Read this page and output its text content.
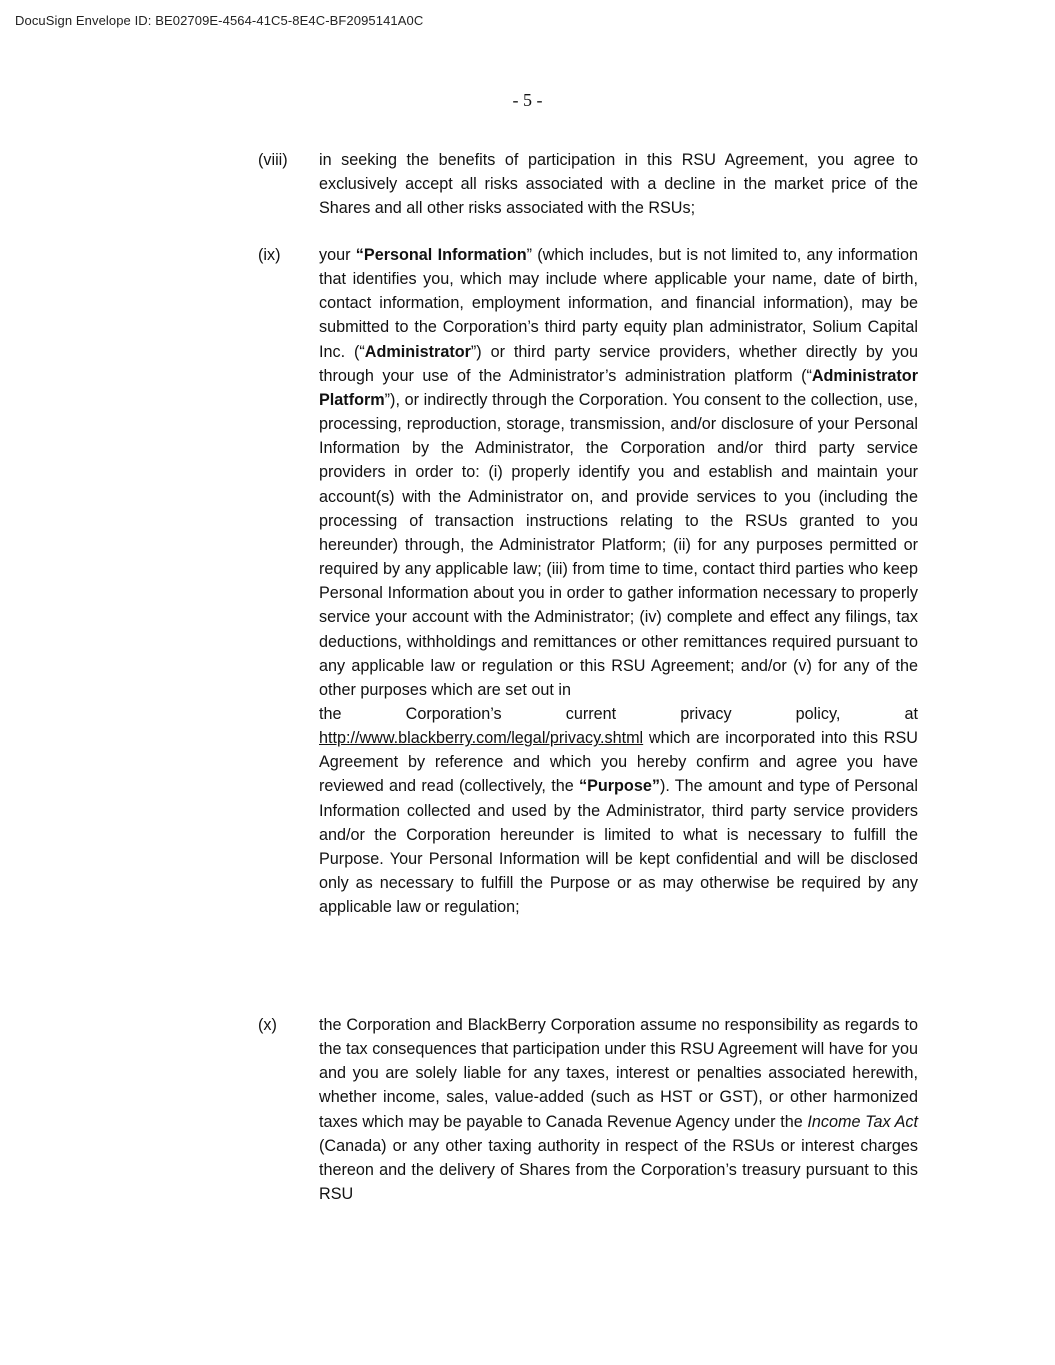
DocuSign Envelope ID: BE02709E-4564-41C5-8E4C-BF2095141A0C
- 5 -
(viii)	in seeking the benefits of participation in this RSU Agreement, you agree to exclusively accept all risks associated with a decline in the market price of the Shares and all other risks associated with the RSUs;
(ix)	your “Personal Information” (which includes, but is not limited to, any information that identifies you, which may include where applicable your name, date of birth, contact information, employment information, and financial information), may be submitted to the Corporation’s third party equity plan administrator, Solium Capital Inc. (“Administrator”) or third party service providers, whether directly by you through your use of the Administrator’s administration platform (“Administrator Platform”), or indirectly through the Corporation. You consent to the collection, use, processing, reproduction, storage, transmission, and/or disclosure of your Personal Information by the Administrator, the Corporation and/or third party service providers in order to: (i) properly identify you and establish and maintain your account(s) with the Administrator on, and provide services to you (including the processing of transaction instructions relating to the RSUs granted to you hereunder) through, the Administrator Platform; (ii) for any purposes permitted or required by any applicable law; (iii) from time to time, contact third parties who keep Personal Information about you in order to gather information necessary to properly service your account with the Administrator; (iv) complete and effect any filings, tax deductions, withholdings and remittances or other remittances required pursuant to any applicable law or regulation or this RSU Agreement; and/or (v) for any of the other purposes which are set out in
the	Corporation’s	current	privacy	policy,	at
http://www.blackberry.com/legal/privacy.shtml which are incorporated into this RSU Agreement by reference and which you hereby confirm and agree you have reviewed and read (collectively, the “Purpose”). The amount and type of Personal Information collected and used by the Administrator, third party service providers and/or the Corporation hereunder is limited to what is necessary to fulfill the Purpose. Your Personal Information will be kept confidential and will be disclosed only as necessary to fulfill the Purpose or as may otherwise be required by any applicable law or regulation;
(x)	the Corporation and BlackBerry Corporation assume no responsibility as regards to the tax consequences that participation under this RSU Agreement will have for you and you are solely liable for any taxes, interest or penalties associated herewith, whether income, sales, value-added (such as HST or GST), or other harmonized taxes which may be payable to Canada Revenue Agency under the Income Tax Act (Canada) or any other taxing authority in respect of the RSUs or interest charges thereon and the delivery of Shares from the Corporation’s treasury pursuant to this RSU
